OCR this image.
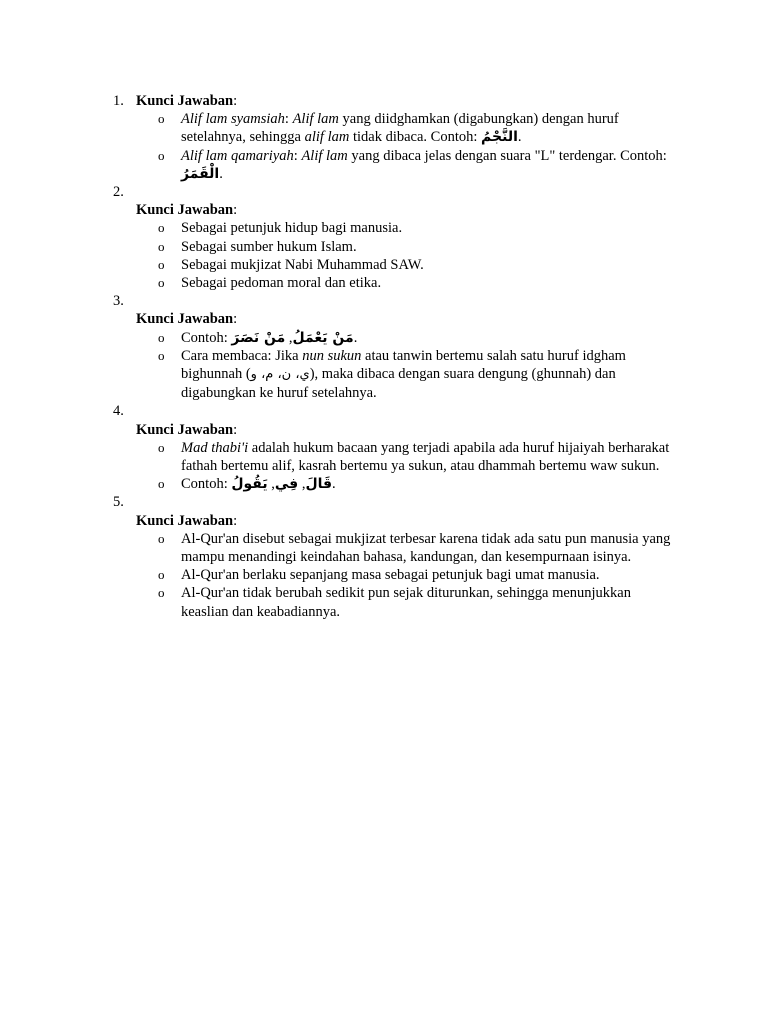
1. Kunci Jawaban:
o Alif lam syamsiah: Alif lam yang diidghamkan (digabungkan) dengan huruf setelahnya, sehingga alif lam tidak dibaca. Contoh: النَّجْمُ.
o Alif lam qamariyah: Alif lam yang dibaca jelas dengan suara "L" terdengar. Contoh: الْقَمَرُ.
2.
Kunci Jawaban:
o Sebagai petunjuk hidup bagi manusia.
o Sebagai sumber hukum Islam.
o Sebagai mukjizat Nabi Muhammad SAW.
o Sebagai pedoman moral dan etika.
3.
Kunci Jawaban:
o Contoh:	مَنْ يَعْمَلُ, مَنْ نَصَرَ	.
o Cara membaca: Jika nun sukun atau tanwin bertemu salah satu huruf idgham bighunnah (ي، ن، م، و), maka dibaca dengan suara dengung (ghunnah) dan digabungkan ke huruf setelahnya.
4.
Kunci Jawaban:
o Mad thabi'i adalah hukum bacaan yang terjadi apabila ada huruf hijaiyah berharakat fathah bertemu alif, kasrah bertemu ya sukun, atau dhammah bertemu waw sukun.
o Contoh:	قَالَ, فِي, يَقُولُ	.
5.
Kunci Jawaban:
o Al-Qur'an disebut sebagai mukjizat terbesar karena tidak ada satu pun manusia yang mampu menandingi keindahan bahasa, kandungan, dan kesempurnaan isinya.
o Al-Qur'an berlaku sepanjang masa sebagai petunjuk bagi umat manusia.
o Al-Qur'an tidak berubah sedikit pun sejak diturunkan, sehingga menunjukkan keaslian dan keabadiannya.
